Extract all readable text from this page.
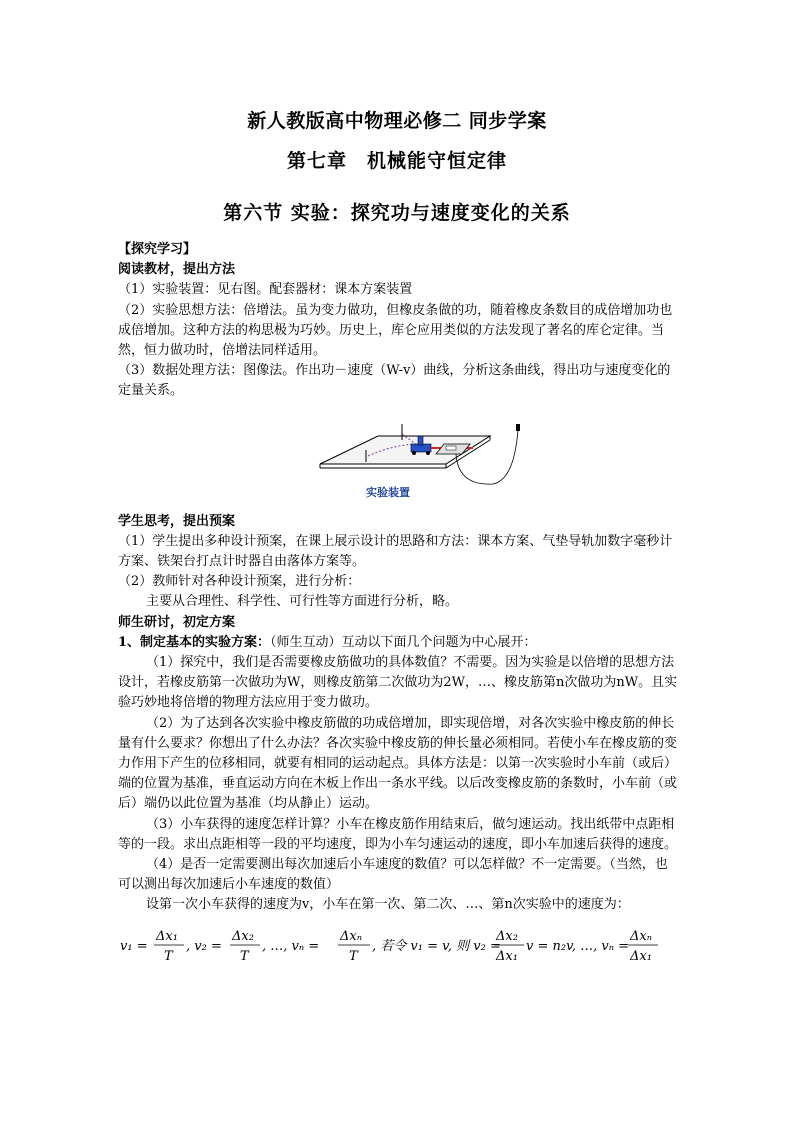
新人教版高中物理必修二 同步学案
第七章　机械能守恒定律
第六节 实验：探究功与速度变化的关系

【探究学习】

阅读教材，提出方法

（1）实验装置：见右图。配套器材：课本方案装置

（2）实验思想方法：倍增法。虽为变力做功，但橡皮条做的功，随着橡皮条数目的成倍增加功也成倍增加。这种方法的构思极为巧妙。历史上，库仑应用类似的方法发现了著名的库仑定律。当然，恒力做功时，倍增法同样适用。

（3）数据处理方法：图像法。作出功－速度（W-v）曲线，分析这条曲线，得出功与速度变化的定量关系。

实验装置

学生思考，提出预案

（1）学生提出多种设计预案，在课上展示设计的思路和方法：课本方案、气垫导轨加数字毫秒计方案、铁架台打点计时器自由落体方案等。

（2）教师针对各种设计预案，进行分析：

主要从合理性、科学性、可行性等方面进行分析，略。

师生研讨，初定方案

1、制定基本的实验方案：（师生互动）互动以下面几个问题为中心展开：

（1）探究中，我们是否需要橡皮筋做功的具体数值？不需要。因为实验是以倍增的思想方法设计，若橡皮筋第一次做功为W，则橡皮筋第二次做功为2W，…、橡皮筋第n次做功为nW。且实验巧妙地将倍增的物理方法应用于变力做功。

（2）为了达到各次实验中橡皮筋做的功成倍增加，即实现倍增，对各次实验中橡皮筋的伸长量有什么要求？你想出了什么办法？各次实验中橡皮筋的伸长量必须相同。若使小车在橡皮筋的变力作用下产生的位移相同，就要有相同的运动起点。具体方法是：以第一次实验时小车前（或后）端的位置为基准，垂直运动方向在木板上作出一条水平线。以后改变橡皮筋的条数时，小车前（或后）端仍以此位置为基准（均从静止）运动。

（3）小车获得的速度怎样计算？小车在橡皮筋作用结束后，做匀速运动。找出纸带中点距相等的一段。求出点距相等一段的平均速度，即为小车匀速运动的速度，即小车加速后获得的速度。

（4）是否一定需要测出每次加速后小车速度的数值？可以怎样做？不一定需要。（当然，也可以测出每次加速后小车速度的数值）

设第一次小车获得的速度为v，小车在第一次、第二次、…、第n次实验中的速度为：

v₁ =
Δx₁
T
, v₂ =
Δx₂
T
, …, vₙ =
Δxₙ
T
, 若令 v₁ = v, 则 v₂ =
Δx₂
Δx₁
v = n₂v, …, vₙ =
Δxₙ
Δx₁
